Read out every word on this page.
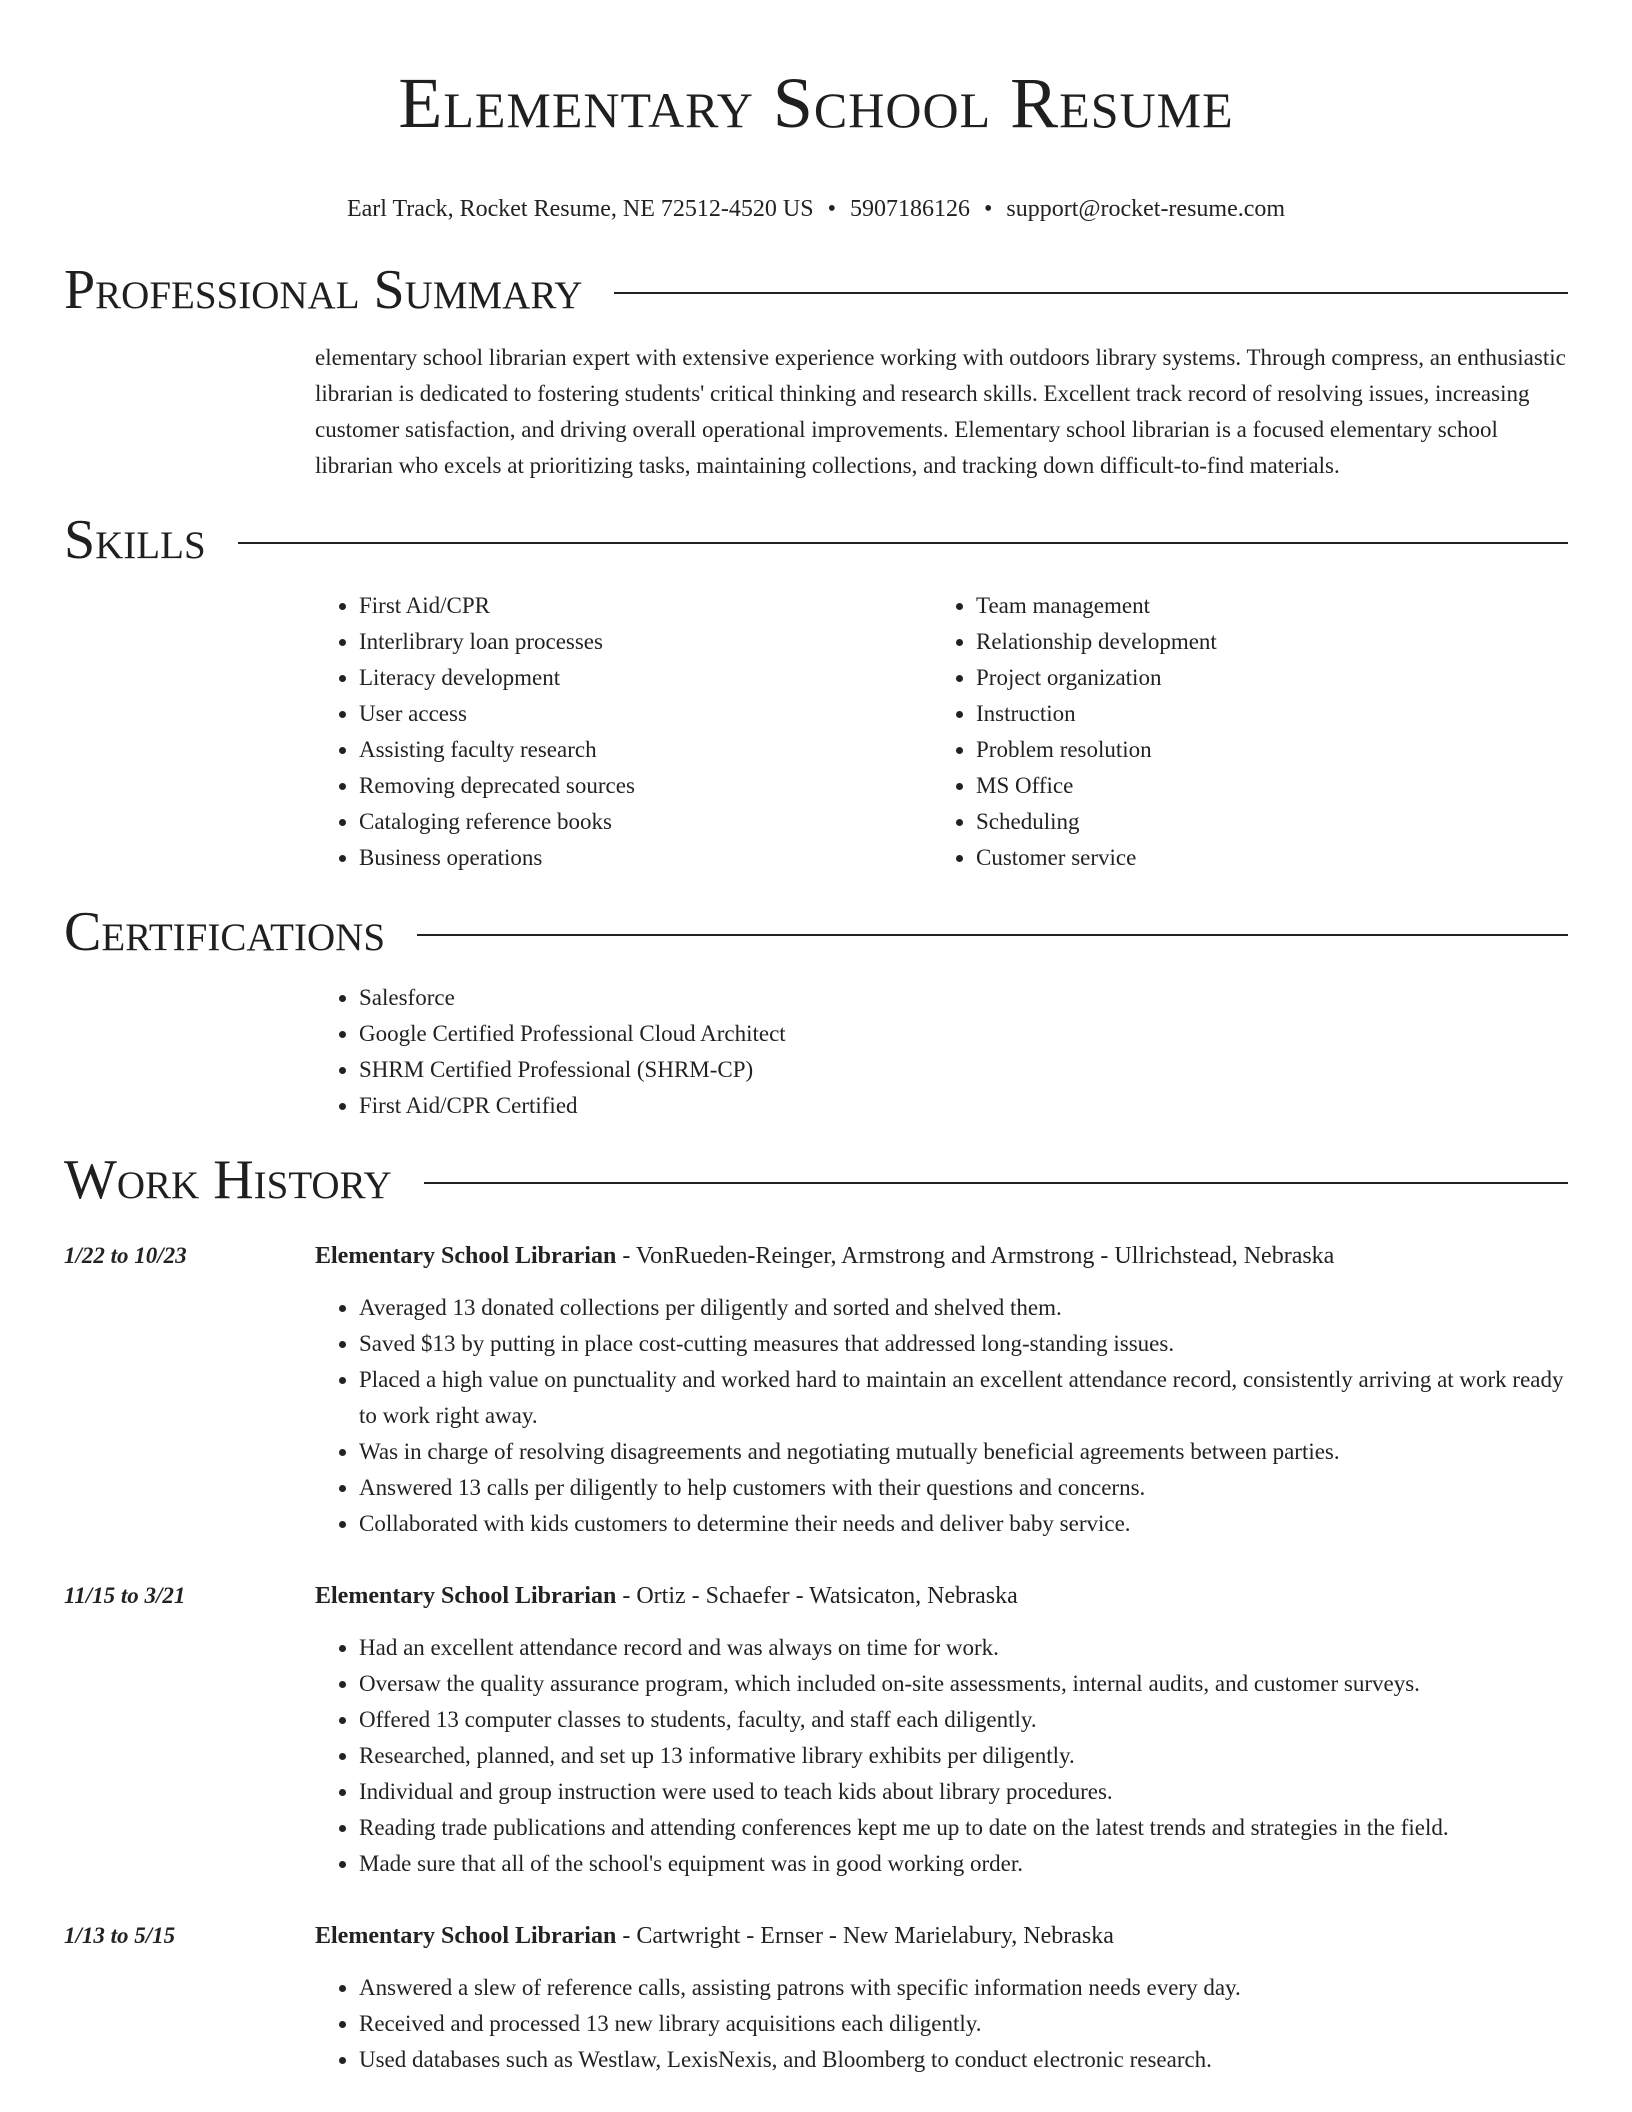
Elementary School Resume
Earl Track, Rocket Resume, NE 72512-4520 US • 5907186126 • support@rocket-resume.com
Professional Summary
elementary school librarian expert with extensive experience working with outdoors library systems. Through compress, an enthusiastic librarian is dedicated to fostering students' critical thinking and research skills. Excellent track record of resolving issues, increasing customer satisfaction, and driving overall operational improvements. Elementary school librarian is a focused elementary school librarian who excels at prioritizing tasks, maintaining collections, and tracking down difficult-to-find materials.
Skills
• First Aid/CPR
• Interlibrary loan processes
• Literacy development
• User access
• Assisting faculty research
• Removing deprecated sources
• Cataloging reference books
• Business operations
• Team management
• Relationship development
• Project organization
• Instruction
• Problem resolution
• MS Office
• Scheduling
• Customer service
Certifications
• Salesforce
• Google Certified Professional Cloud Architect
• SHRM Certified Professional (SHRM-CP)
• First Aid/CPR Certified
Work History
1/22 to 10/23	Elementary School Librarian - VonRueden-Reinger, Armstrong and Armstrong - Ullrichstead, Nebraska
• Averaged 13 donated collections per diligently and sorted and shelved them.
• Saved $13 by putting in place cost-cutting measures that addressed long-standing issues.
• Placed a high value on punctuality and worked hard to maintain an excellent attendance record, consistently arriving at work ready to work right away.
• Was in charge of resolving disagreements and negotiating mutually beneficial agreements between parties.
• Answered 13 calls per diligently to help customers with their questions and concerns.
• Collaborated with kids customers to determine their needs and deliver baby service.
11/15 to 3/21	Elementary School Librarian - Ortiz - Schaefer - Watsicaton, Nebraska
• Had an excellent attendance record and was always on time for work.
• Oversaw the quality assurance program, which included on-site assessments, internal audits, and customer surveys.
• Offered 13 computer classes to students, faculty, and staff each diligently.
• Researched, planned, and set up 13 informative library exhibits per diligently.
• Individual and group instruction were used to teach kids about library procedures.
• Reading trade publications and attending conferences kept me up to date on the latest trends and strategies in the field.
• Made sure that all of the school's equipment was in good working order.
1/13 to 5/15	Elementary School Librarian - Cartwright - Ernser - New Marielabury, Nebraska
• Answered a slew of reference calls, assisting patrons with specific information needs every day.
• Received and processed 13 new library acquisitions each diligently.
• Used databases such as Westlaw, LexisNexis, and Bloomberg to conduct electronic research.
